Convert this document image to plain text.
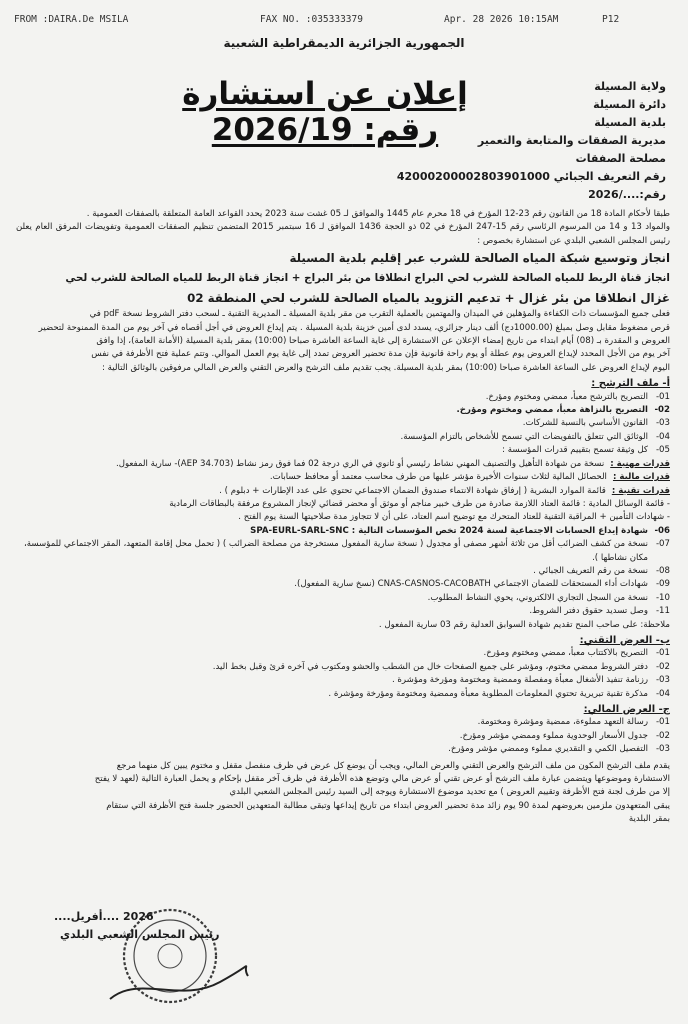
FROM :DAIRA.De MSILA	FAX NO. :035333379	Apr. 28 2026 10:15AM	P12
الجمهورية الجزائرية الديمقراطية الشعبية
إعلان عن استشارة رقم: 2026/19
ولاية المسيلة
دائرة المسيلة
بلدية المسيلة
مديرية الصفقات والمتابعة والتعمير
مصلحة الصفقات
رقم التعريف الجبائي 42000200002803901000
رقم:..../2026

طبقا لأحكام المادة 18 من القانون رقم 23-12 المؤرخ في 18 محرم عام 1445 والموافق لـ 05 غشت سنة 2023 يحدد القواعد العامة المتعلقة بالصفقات العمومية .

والمواد 13 و 14 من المرسوم الرئاسي رقم 15-247 المؤرخ في 02 ذو الحجة 1436 الموافق لـ 16 سبتمبر 2015 المتضمن تنظيم الصفقات العمومية وتفويضات المرفق العام يعلن رئيس المجلس الشعبي البلدي عن استشارة بخصوص :

انجاز وتوسيع شبكة المياه الصالحة للشرب عبر إقليم بلدية المسيلة

انجاز قناة الربط للمياه الصالحة للشرب لحي البراج انطلاقا من بئر البراج + انجاز قناة الربط للمياه الصالحة للشرب لحي

غزال انطلاقا من بئر غزال + تدعيم التزويد بالمياه الصالحة للشرب لحي المنطقة 02

فعلى جميع المؤسسات ذات الكفاءة والمؤهلين في الميدان والمهتمين بالعملية التقرب من مقر بلدية المسيلة ـ المديرية التقنية ـ لسحب دفتر الشروط نسخة pdF في

قرص مضغوط مقابل وصل بمبلغ (1000.00دج) ألف دينار جزائري، يسدد لدى أمين خزينة بلدية المسيلة . يتم إيداع العروض في أجل أقصاه في آخر يوم من المدة الممنوحة لتحضير

العروض و المقدرة بـ (08) أيام ابتداء من تاريخ إمضاء الإعلان عن الاستشارة إلى غاية الساعة العاشرة صباحا (10:00) بمقر بلدية المسيلة (الأمانة العامة)، إذا وافق

آخر يوم من الأجل المحدد لإيداع العروض يوم عطلة أو يوم راحة قانونية فإن مدة تحضير العروض تمدد إلى غاية يوم العمل الموالي. وتتم عملية فتح الأظرفة في نفس

اليوم لإيداع العروض على الساعة العاشرة صباحا (10:00) بمقر بلدية المسيلة. يجب تقديم ملف الترشح والعرض التقني والعرض المالي مرفوقين بالوثائق التالية :

أ- ملف الترشح :

-01
التصريح بالترشح معبأ، ممضي ومختوم ومؤرخ.
-02
التصريح بالنزاهة معبأ، ممضي ومختوم ومؤرخ.
-03
القانون الأساسي بالنسبة للشركات.
-04
الوثائق التي تتعلق بالتفويضات التي تسمح للأشخاص بالتزام المؤسسة.
-05
كل وثيقة تسمح بتقييم قدرات المؤسسة :
قدرات مهنية :
نسخة من شهادة التأهيل والتصنيف المهني نشاط رئيسي أو ثانوي في الري درجة 02 فما فوق رمز نشاط (34.703 AEP)- سارية المفعول.
قدرات مالية :
الحصائل المالية لثلاث سنوات الأخيرة مؤشر عليها من طرف محاسب معتمد أو محافظ حسابات.
قدرات تقنية :
قائمة الموارد البشرية ( إرفاق شهادة الانتماء صندوق الضمان الاجتماعي تحتوي على عدد الإطارات + دبلوم ) .

- قائمة الوسائل المادية : قائمة العتاد اللازمة صادرة من طرف خبير مناجم أو موثق أو محضر قضائي لإنجاز المشروع مرفقة بالبطاقات الرمادية

- شهادات التأمين + المراقبة التقنية للعتاد المتحرك مع توضيح اسم العتاد، على أن لا تتجاوز مدة صلاحيتها السنة يوم الفتح .

-06
شهادة إيداع الحسابات الاجتماعية لسنة 2024 تخص المؤسسات التالية : SPA-EURL-SARL-SNC
-07
نسخة من كشف الضرائب أقل من ثلاثة أشهر مصفى أو مجدول ( نسخة سارية المفعول مستخرجة من مصلحة الضرائب ) ( تحمل محل إقامة المتعهد، المقر الاجتماعي للمؤسسة، مكان نشاطها ).
-08
نسخة من رقم التعريف الجبائي .
-09
شهادات أداء المستحقات للضمان الاجتماعي CNAS-CASNOS-CACOBATH (نسخ سارية المفعول).
-10
نسخة من السجل التجاري الالكتروني، يحوي النشاط المطلوب.
-11
وصل تسديد حقوق دفتر الشروط.

ملاحظة: على صاحب المنح تقديم شهادة السوابق العدلية رقم 03 سارية المفعول .

ب- العرض التقني:

-01
التصريح بالاكتتاب معبأ، ممضي ومختوم ومؤرخ.
-02
دفتر الشروط ممضي مختوم، ومؤشر على جميع الصفحات خال من الشطب والحشو ومكتوب في آخره قرئ وقبل بخط اليد.
-03
رزنامة تنفيذ الأشغال معبأة ومفصلة وممضية ومختومة ومؤرخة ومؤشرة .
-04
مذكرة تقنية تبريرية تحتوي المعلومات المطلوبة معبأة وممضية ومختومة ومؤرخة ومؤشرة .

ج- العرض المالي:

-01
رسالة التعهد مملوءة، ممضية ومؤشرة ومختومة.
-02
جدول الأسعار الوحدوية مملوء وممضي مؤشر ومؤرخ.
-03
التفصيل الكمي و التقديري مملوء وممضي مؤشر ومؤرخ.

يقدم ملف الترشح المكون من ملف الترشح والعرض التقني والعرض المالي، ويجب أن يوضع كل عرض في ظرف منفصل مقفل و مختوم يبين كل منهما مرجع

الاستشارة وموضوعها ويتضمن عبارة ملف الترشح أو عرض تقني أو عرض مالي وتوضع هذه الأظرفة في ظرف آخر مقفل بإحكام و يحمل العبارة التالية (لعهد لا يفتح

إلا من طرف لجنة فتح الأظرفة وتقييم العروض ) مع تحديد موضوع الاستشارة ويوجه إلى السيد رئيس المجلس الشعبي البلدي

يبقى المتعهدون ملزمين بعروضهم لمدة 90 يوم زائد مدة تحضير العروض ابتداء من تاريخ إيداعها وتبقى مطالبة المتعهدين الحضور جلسة فتح الأظرفة التي ستقام

بمقر البلدية

2026 ....أفريل....
رئيس المجلس الشعبي البلدي
